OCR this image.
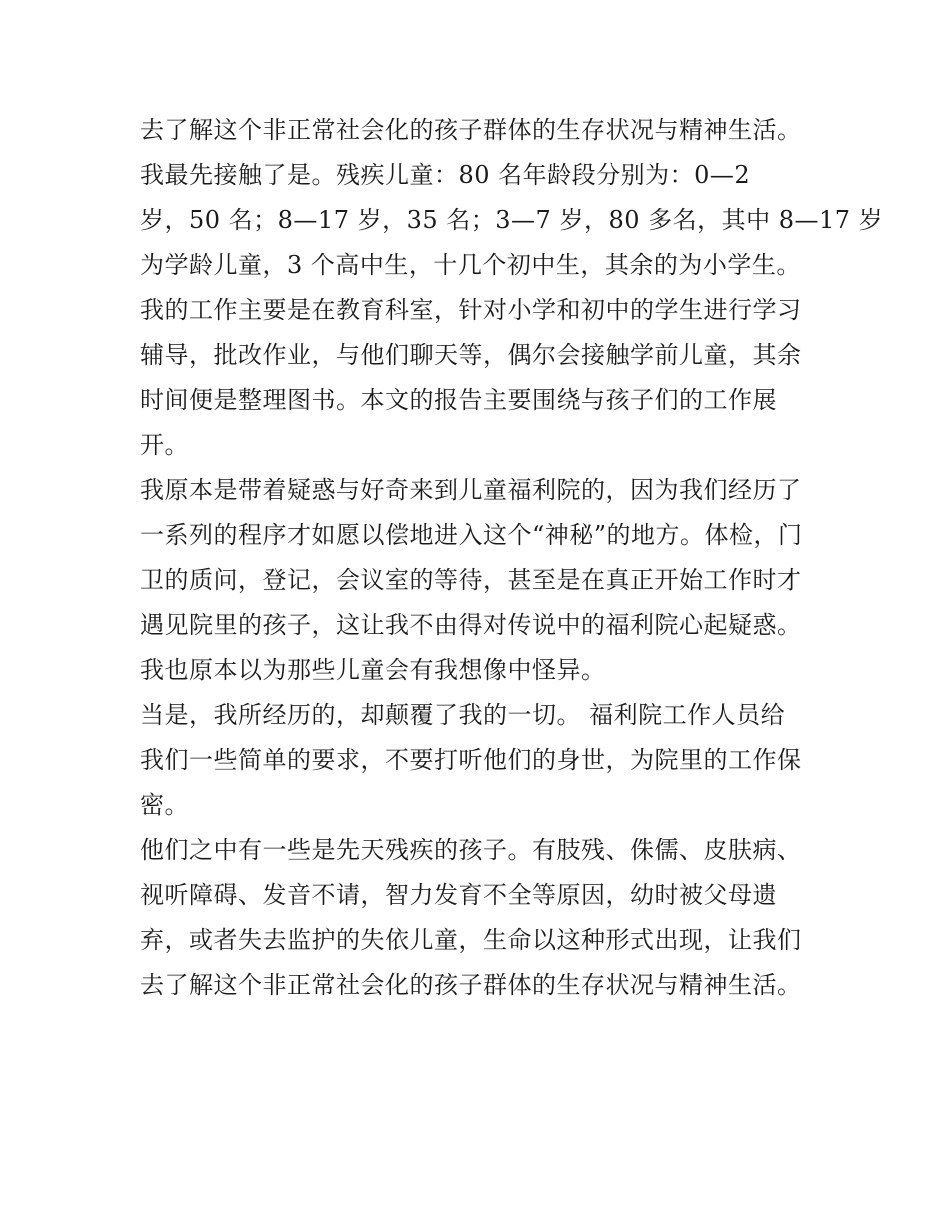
去了解这个非正常社会化的孩子群体的生存状况与精神生活。
我最先接触了是。残疾儿童：80 名年龄段分别为：0—2
岁，50 名；8—17 岁，35 名；3—7 岁，80 多名，其中 8—17 岁
为学龄儿童，3 个高中生，十几个初中生，其余的为小学生。
我的工作主要是在教育科室，针对小学和初中的学生进行学习
辅导，批改作业，与他们聊天等，偶尔会接触学前儿童，其余
时间便是整理图书。本文的报告主要围绕与孩子们的工作展
开。
我原本是带着疑惑与好奇来到儿童福利院的，因为我们经历了
一系列的程序才如愿以偿地进入这个“神秘”的地方。体检，门
卫的质问，登记，会议室的等待，甚至是在真正开始工作时才
遇见院里的孩子，这让我不由得对传说中的福利院心起疑惑。
我也原本以为那些儿童会有我想像中怪异。
当是，我所经历的，却颠覆了我的一切。 福利院工作人员给
我们一些简单的要求，不要打听他们的身世，为院里的工作保
密。
他们之中有一些是先天残疾的孩子。有肢残、侏儒、皮肤病、
视听障碍、发音不请，智力发育不全等原因，幼时被父母遗
弃，或者失去监护的失依儿童，生命以这种形式出现，让我们
去了解这个非正常社会化的孩子群体的生存状况与精神生活。
